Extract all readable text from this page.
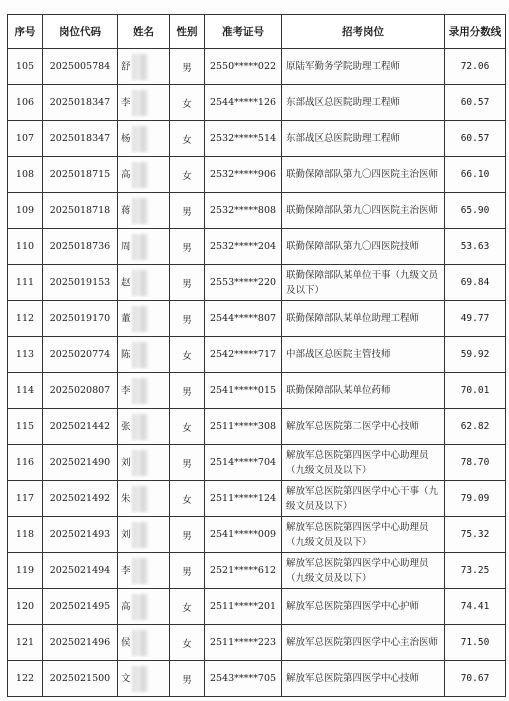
序号	岗位代码	姓名	性别	准考证号	招考岗位	录用分数线
105	2025005784	舒	男	2550*****022	原陆军勤务学院助理工程师	72.06
106	2025018347	李	女	2544*****126	东部战区总医院助理工程师	60.57
107	2025018347	杨	女	2532*****514	东部战区总医院助理工程师	60.57
108	2025018715	高	女	2532*****906	联勤保障部队第九〇四医院主治医师	66.10
109	2025018718	蒋	男	2532*****808	联勤保障部队第九〇四医院主治医师	65.90
110	2025018736	周	男	2532*****204	联勤保障部队第九〇四医院技师	53.63
111	2025019153	赵	男	2553*****220	联勤保障部队某单位干事（九级文员及以下）	69.84
112	2025019170	董	男	2544*****807	联勤保障部队某单位助理工程师	49.77
113	2025020774	陈	女	2542*****717	中部战区总医院主管技师	59.92
114	2025020807	李	男	2541*****015	联勤保障部队某单位药师	70.01
115	2025021442	张	女	2511*****308	解放军总医院第二医学中心技师	62.82
116	2025021490	刘	男	2514*****704	解放军总医院第四医学中心助理员（九级文员及以下）	78.70
117	2025021492	朱	女	2511*****124	解放军总医院第四医学中心干事（九级文员及以下）	79.09
118	2025021493	刘	男	2541*****009	解放军总医院第四医学中心助理员（九级文员及以下）	75.32
119	2025021494	李	男	2521*****612	解放军总医院第四医学中心助理员（九级文员及以下）	73.25
120	2025021495	高	女	2511*****201	解放军总医院第四医学中心护师	74.41
121	2025021496	侯	女	2511*****223	解放军总医院第四医学中心主治医师	71.50
122	2025021500	文	男	2543*****705	解放军总医院第四医学中心技师	70.67
